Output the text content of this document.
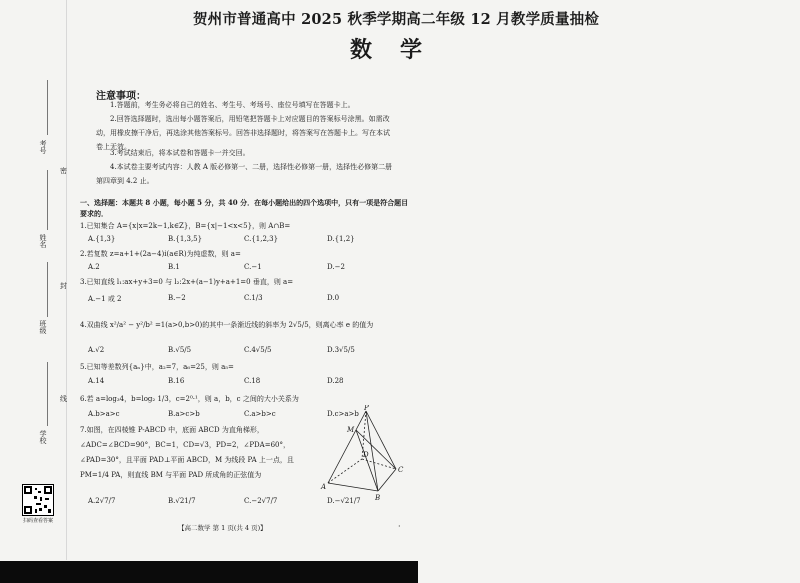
考号
密
姓名
封
班级
线
学校
扫码查看答案
贺州市普通高中 2025 秋季学期高二年级 12 月教学质量抽检
数学
注意事项：
1.答题前，考生务必将自己的姓名、考生号、考场号、座位号填写在答题卡上。
2.回答选择题时，选出每小题答案后，用铅笔把答题卡上对应题目的答案标号涂黑。如需改动，用橡皮擦干净后，再选涂其他答案标号。回答非选择题时，将答案写在答题卡上。写在本试卷上无效。
3.考试结束后，将本试卷和答题卡一并交回。
4.本试卷主要考试内容：人教 A 版必修第一、二册，选择性必修第一册，选择性必修第二册第四章到 4.2 止。
一、选择题：本题共 8 小题，每小题 5 分，共 40 分．在每小题给出的四个选项中，只有一项是符合题目要求的．
1.已知集合 A={x|x=2k−1,k∈Z}，B={x|−1<x<5}，则 A∩B=
A.{1,3}	B.{1,3,5}	C.{1,2,3}	D.{1,2}
2.若复数 z=a+1+(2a−4)i(a∈R)为纯虚数，则 a=
A.2	B.1	C.−1	D.−2
3.已知直线 l₁:ax+y+3=0 与 l₂:2x+(a−1)y+a+1=0 垂直，则 a=
A.−1 或 2	B.−2	C.1/3	D.0
4.双曲线 x²/a² − y²/b² =1(a>0,b>0)的其中一条渐近线的斜率为 2√5/5，则离心率 e 的值为
A.√2	B.√5/5	C.4√5/5	D.3√5/5
5.已知等差数列{aₙ}中，a₂=7，a₆=25，则 a₅=
A.14	B.16	C.18	D.28
6.若 a=log₃4，b=log₂ 1/3，c=2⁰·¹，则 a，b，c 之间的大小关系为
A.b>a>c	B.a>c>b	C.a>b>c	D.c>a>b
7.如图，在四棱锥 P-ABCD 中，底面 ABCD 为直角梯形，∠ADC=∠BCD=90°，BC=1，CD=√3，PD=2，∠PDA=60°，∠PAD=30°，且平面 PAD⊥平面 ABCD，M 为线段 PA 上一点，且 PM=1/4 PA，则直线 BM 与平面 PAD 所成角的正弦值为
A.2√7/7	B.√21/7	C.−2√7/7	D.−√21/7
P
M
A
B
C
D
【高二数学 第 1 页(共 4 页)】	·
